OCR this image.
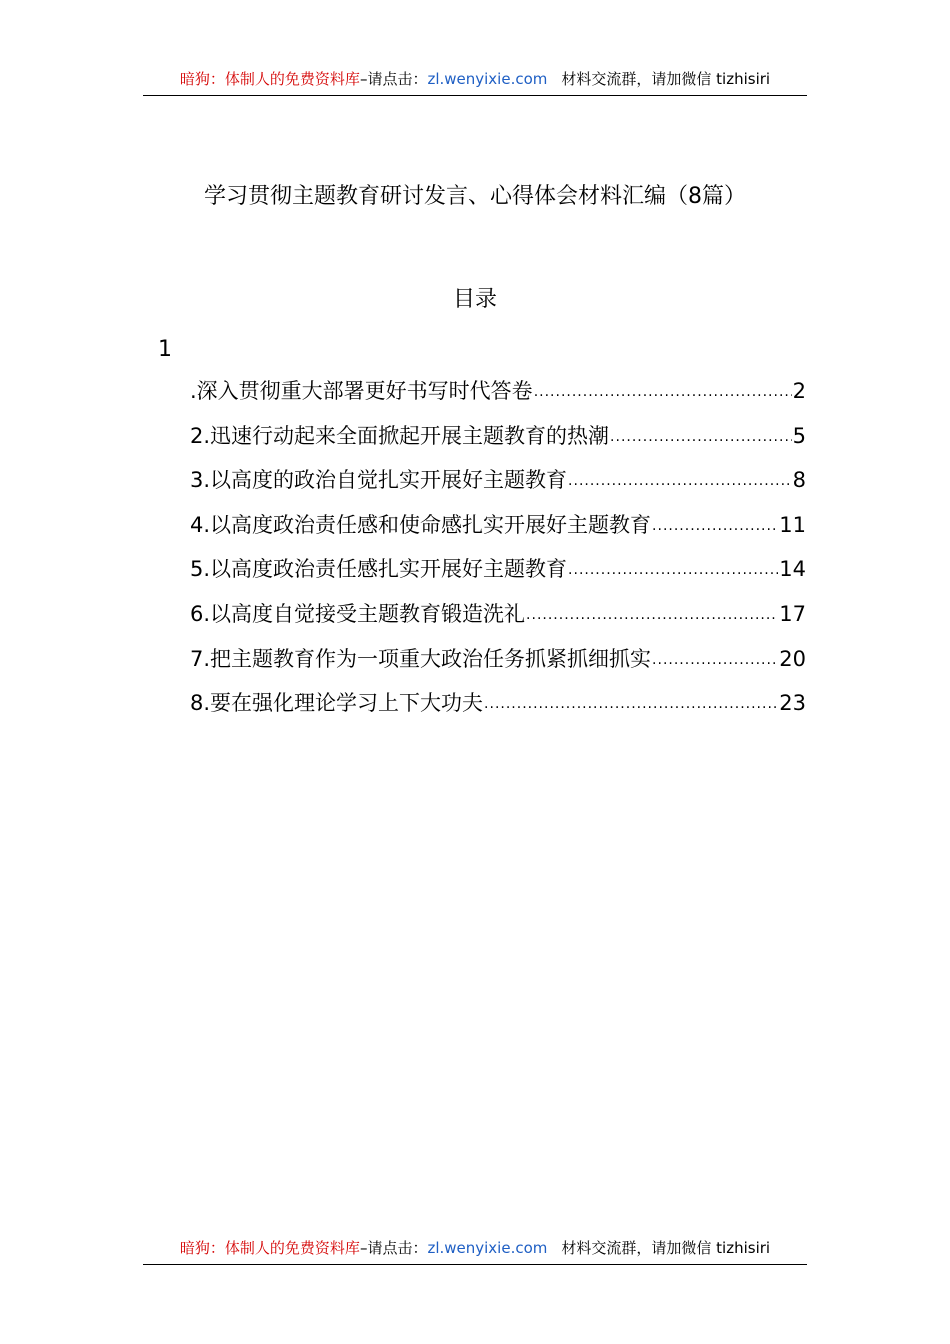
暗狗：体制人的免费资料库–请点击：zl.wenyixie.com 材料交流群，请加微信 tizhisiri
学习贯彻主题教育研讨发言、心得体会材料汇编（8篇）
目录
1
.深入贯彻重大部署更好书写时代答卷 .....	2
2.迅速行动起来全面掀起开展主题教育的热潮 .....	5
3.以高度的政治自觉扎实开展好主题教育 .....	8
4.以高度政治责任感和使命感扎实开展好主题教育 .....	11
5.以高度政治责任感扎实开展好主题教育 .....	14
6.以高度自觉接受主题教育锻造洗礼 .....	17
7.把主题教育作为一项重大政治任务抓紧抓细抓实 .....	20
8.要在强化理论学习上下大功夫 .....	23
暗狗：体制人的免费资料库–请点击：zl.wenyixie.com 材料交流群，请加微信 tizhisiri
